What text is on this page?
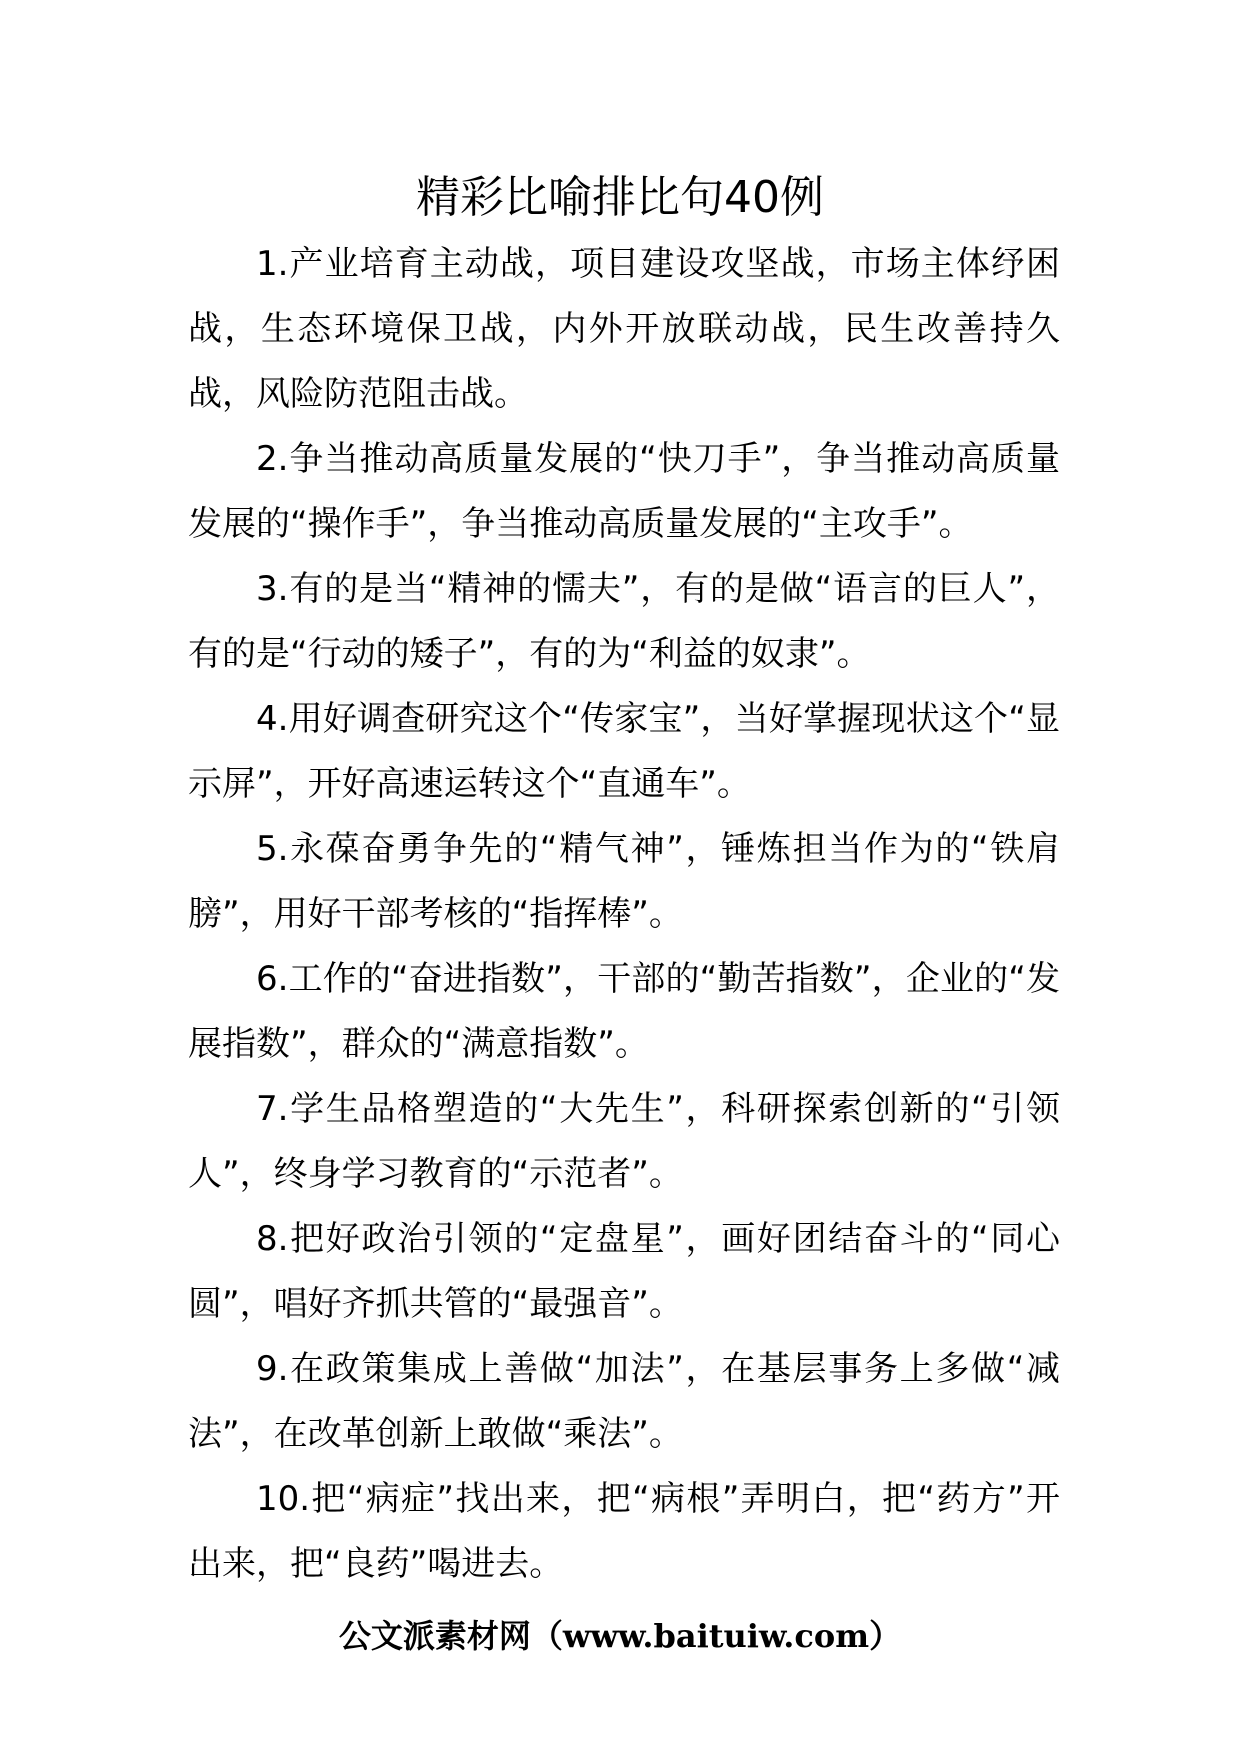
精彩比喻排比句40例

1.产业培育主动战，项目建设攻坚战，市场主体纾困战，生态环境保卫战，内外开放联动战，民生改善持久战，风险防范阻击战。

2.争当推动高质量发展的“快刀手”，争当推动高质量发展的“操作手”，争当推动高质量发展的“主攻手”。

3.有的是当“精神的懦夫”，有的是做“语言的巨人”，有的是“行动的矮子”，有的为“利益的奴隶”。

4.用好调查研究这个“传家宝”，当好掌握现状这个“显示屏”，开好高速运转这个“直通车”。

5.永葆奋勇争先的“精气神”，锤炼担当作为的“铁肩膀”，用好干部考核的“指挥棒”。

6.工作的“奋进指数”，干部的“勤苦指数”，企业的“发展指数”，群众的“满意指数”。

7.学生品格塑造的“大先生”，科研探索创新的“引领人”，终身学习教育的“示范者”。

8.把好政治引领的“定盘星”，画好团结奋斗的“同心圆”，唱好齐抓共管的“最强音”。

9.在政策集成上善做“加法”，在基层事务上多做“减法”，在改革创新上敢做“乘法”。

10.把“病症”找出来，把“病根”弄明白，把“药方”开出来，把“良药”喝进去。

公文派素材网（www.baituiw.com）
